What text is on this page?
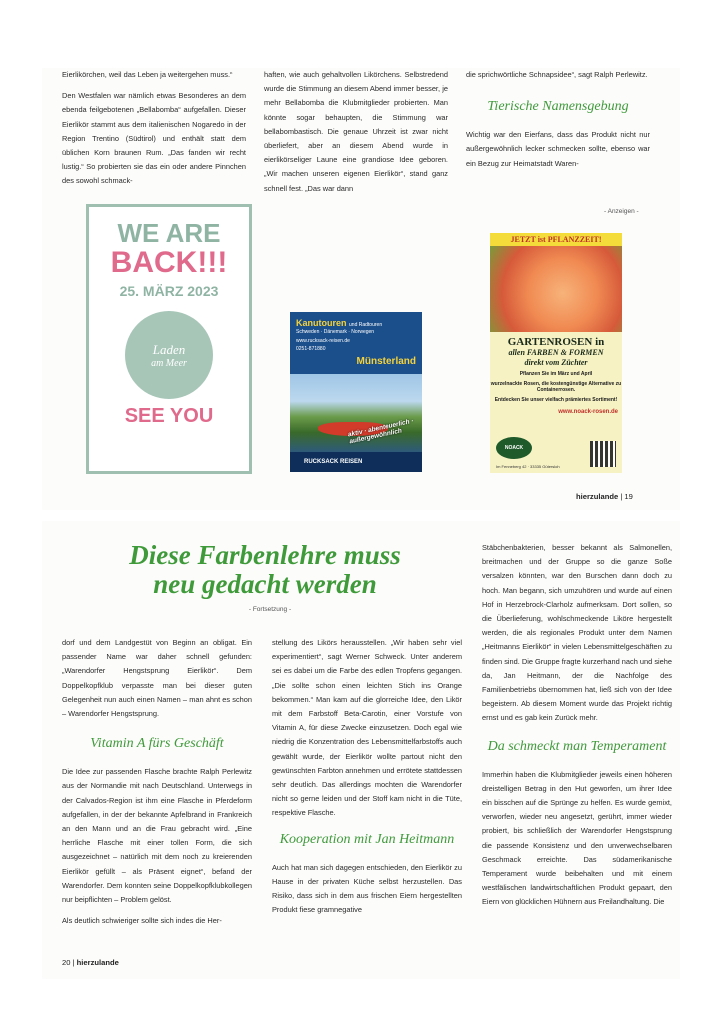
Eierlikörchen, weil das Leben ja weitergehen muss.“

Den Westfalen war nämlich etwas Besonderes an dem ebenda feilgebotenen „Bellabomba“ aufgefallen. Dieser Eierlikör stammt aus dem italienischen Nogaredo in der Region Trentino (Südtirol) und enthält statt dem üblichen Korn braunen Rum. „Das fanden wir recht lustig.“ So probierten sie das ein oder andere Pinnchen des sowohl schmack-

haften, wie auch gehaltvollen Likörchens. Selbstredend wurde die Stimmung an diesem Abend immer besser, je mehr Bellabomba die Klubmitglieder probierten. Man könnte sogar behaupten, die Stimmung war bellabombastisch. Die genaue Uhrzeit ist zwar nicht überliefert, aber an diesem Abend wurde in eierlikörseliger Laune eine grandiose Idee geboren. „Wir machen unseren eigenen Eierlikör“, stand ganz schnell fest. „Das war dann

die sprichwörtliche Schnapsidee“, sagt Ralph Perlewitz.

Tierische Namensgebung

Wichtig war den Eierfans, dass das Produkt nicht nur außergewöhnlich lecker schmecken sollte, ebenso war ein Bezug zur Heimatstadt Waren-

- Anzeigen -
WE ARE
BACK!!!
25. MÄRZ 2023
Laden
am Meer
SEE YOU
Kanutouren und Radtouren
Schweden · Dänemark · Norwegen
www.rucksack-reisen.de
0251-871880
Münsterland
aktiv · abenteuerlich · außergewöhnlich
RUCKSACK REISEN
JETZT ist PFLANZZEIT!
GARTENROSEN in
allen FARBEN & FORMEN
direkt vom Züchter
Pflanzen Sie im März und April
wurzelnackte Rosen, die kostengünstige Alternative zu Containerrosen.
Entdecken Sie unser vielfach prämiertes Sortiment!
www.noack-rosen.de
NOACK
Im Fenneberg 42 · 33335 Gütersloh
hierzulande | 19
Diese Farbenlehre muss
neu gedacht werden
- Fortsetzung -

dorf und dem Landgestüt von Beginn an obligat. Ein passender Name war daher schnell gefunden: „Warendorfer Hengstsprung Eierlikör“. Dem Doppelkopfklub verpasste man bei dieser guten Gelegenheit nun auch einen Namen – man ahnt es schon – Warendorfer Hengstsprung.

Vitamin A fürs Geschäft

Die Idee zur passenden Flasche brachte Ralph Perlewitz aus der Normandie mit nach Deutschland. Unterwegs in der Calvados-Region ist ihm eine Flasche in Pferdeform aufgefallen, in der der bekannte Apfelbrand in Frankreich an den Mann und an die Frau gebracht wird. „Eine herrliche Flasche mit einer tollen Form, die sich ausgezeichnet – natürlich mit dem noch zu kreierenden Eierlikör gefüllt – als Präsent eignet“, befand der Warendorfer. Dem konnten seine Doppelkopfklubkollegen nur beipflichten – Problem gelöst.

Als deutlich schwieriger sollte sich indes die Her-

stellung des Likörs herausstellen. „Wir haben sehr viel experimentiert“, sagt Werner Schweck. Unter anderem sei es dabei um die Farbe des edlen Tropfens gegangen. „Die sollte schon einen leichten Stich ins Orange bekommen.“ Man kam auf die glorreiche Idee, den Likör mit dem Farbstoff Beta-Carotin, einer Vorstufe von Vitamin A, für diese Zwecke einzusetzen. Doch egal wie niedrig die Konzentration des Lebensmittelfarbstoffs auch gewählt wurde, der Eierlikör wollte partout nicht den gewünschten Farbton annehmen und errötete stattdessen sehr deutlich. Das allerdings mochten die Warendorfer nicht so gerne leiden und der Stoff kam nicht in die Tüte, respektive Flasche.

Kooperation mit Jan Heitmann

Auch hat man sich dagegen entschieden, den Eierlikör zu Hause in der privaten Küche selbst herzustellen. Das Risiko, dass sich in dem aus frischen Eiern hergestellten Produkt fiese gramnegative

Stäbchenbakterien, besser bekannt als Salmonellen, breitmachen und der Gruppe so die ganze Soße versalzen könnten, war den Burschen dann doch zu hoch. Man begann, sich umzuhören und wurde auf einen Hof in Herzebrock-Clarholz aufmerksam. Dort sollen, so die Überlieferung, wohlschmeckende Liköre hergestellt werden, die als regionales Produkt unter dem Namen „Heitmanns Eierlikör“ in vielen Lebensmittelgeschäften zu finden sind. Die Gruppe fragte kurzerhand nach und siehe da, Jan Heitmann, der die Nachfolge des Familienbetriebs übernommen hat, ließ sich von der Idee begeistern. Ab diesem Moment wurde das Projekt richtig ernst und es gab kein Zurück mehr.

Da schmeckt man Temperament

Immerhin haben die Klubmitglieder jeweils einen höheren dreistelligen Betrag in den Hut geworfen, um ihrer Idee ein bisschen auf die Sprünge zu helfen. Es wurde gemixt, verworfen, wieder neu angesetzt, gerührt, immer wieder probiert, bis schließlich der Warendorfer Hengstsprung die passende Konsistenz und den unverwechselbaren Geschmack erreichte. Das südamerikanische Temperament wurde beibehalten und mit einem westfälischen landwirtschaftlichen Produkt gepaart, den Eiern von glücklichen Hühnern aus Freilandhaltung. Die

20 | hierzulande
